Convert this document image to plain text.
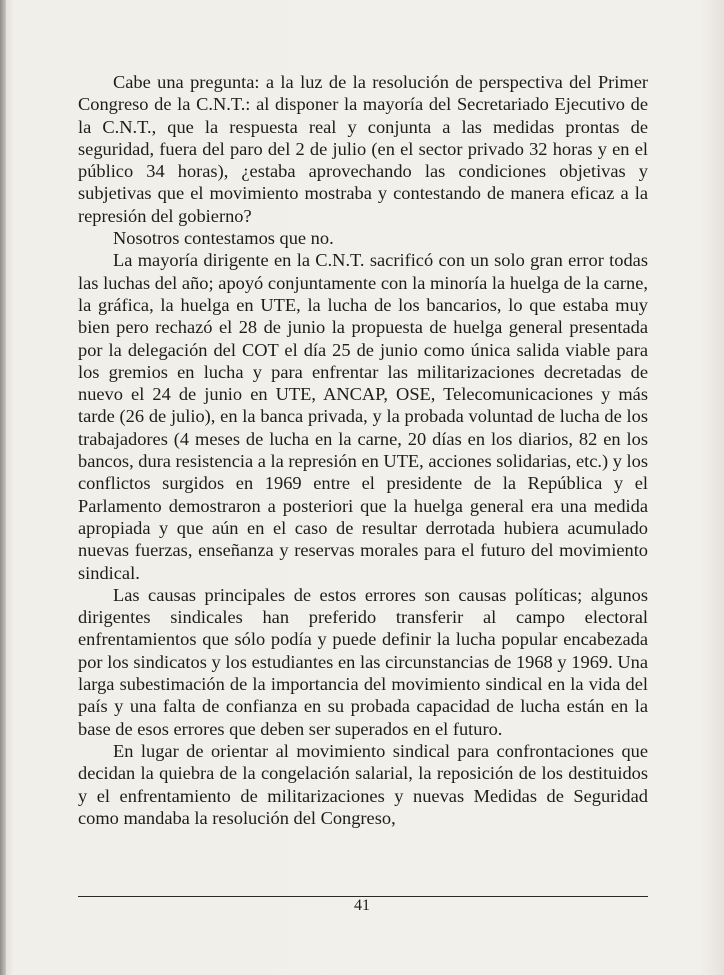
Cabe una pregunta: a la luz de la resolución de perspectiva del Primer Congreso de la C.N.T.: al disponer la mayoría del Secretariado Ejecutivo de la C.N.T., que la respuesta real y conjunta a las medidas prontas de seguridad, fuera del paro del 2 de julio (en el sector privado 32 horas y en el público 34 horas), ¿estaba aprovechando las condiciones objetivas y subjetivas que el movimiento mostraba y contestando de manera eficaz a la represión del gobierno?

Nosotros contestamos que no.

La mayoría dirigente en la C.N.T. sacrificó con un solo gran error todas las luchas del año; apoyó conjuntamente con la minoría la huelga de la carne, la gráfica, la huelga en UTE, la lucha de los bancarios, lo que estaba muy bien pero rechazó el 28 de junio la propuesta de huelga general presentada por la delegación del COT el día 25 de junio como única salida viable para los gremios en lucha y para enfrentar las militarizaciones decretadas de nuevo el 24 de junio en UTE, ANCAP, OSE, Telecomunicaciones y más tarde (26 de julio), en la banca privada, y la probada voluntad de lucha de los trabajadores (4 meses de lucha en la carne, 20 días en los diarios, 82 en los bancos, dura resistencia a la represión en UTE, acciones solidarias, etc.) y los conflictos surgidos en 1969 entre el presidente de la República y el Parlamento demostraron a posteriori que la huelga general era una medida apropiada y que aún en el caso de resultar derrotada hubiera acumulado nuevas fuerzas, enseñanza y reservas morales para el futuro del movimiento sindical.

Las causas principales de estos errores son causas políticas; algunos dirigentes sindicales han preferido transferir al campo electoral enfrentamientos que sólo podía y puede definir la lucha popular encabezada por los sindicatos y los estudiantes en las circunstancias de 1968 y 1969. Una larga subestimación de la importancia del movimiento sindical en la vida del país y una falta de confianza en su probada capacidad de lucha están en la base de esos errores que deben ser superados en el futuro.

En lugar de orientar al movimiento sindical para confrontaciones que decidan la quiebra de la congelación salarial, la reposición de los destituidos y el enfrentamiento de militarizaciones y nuevas Medidas de Seguridad como mandaba la resolución del Congreso,

41
